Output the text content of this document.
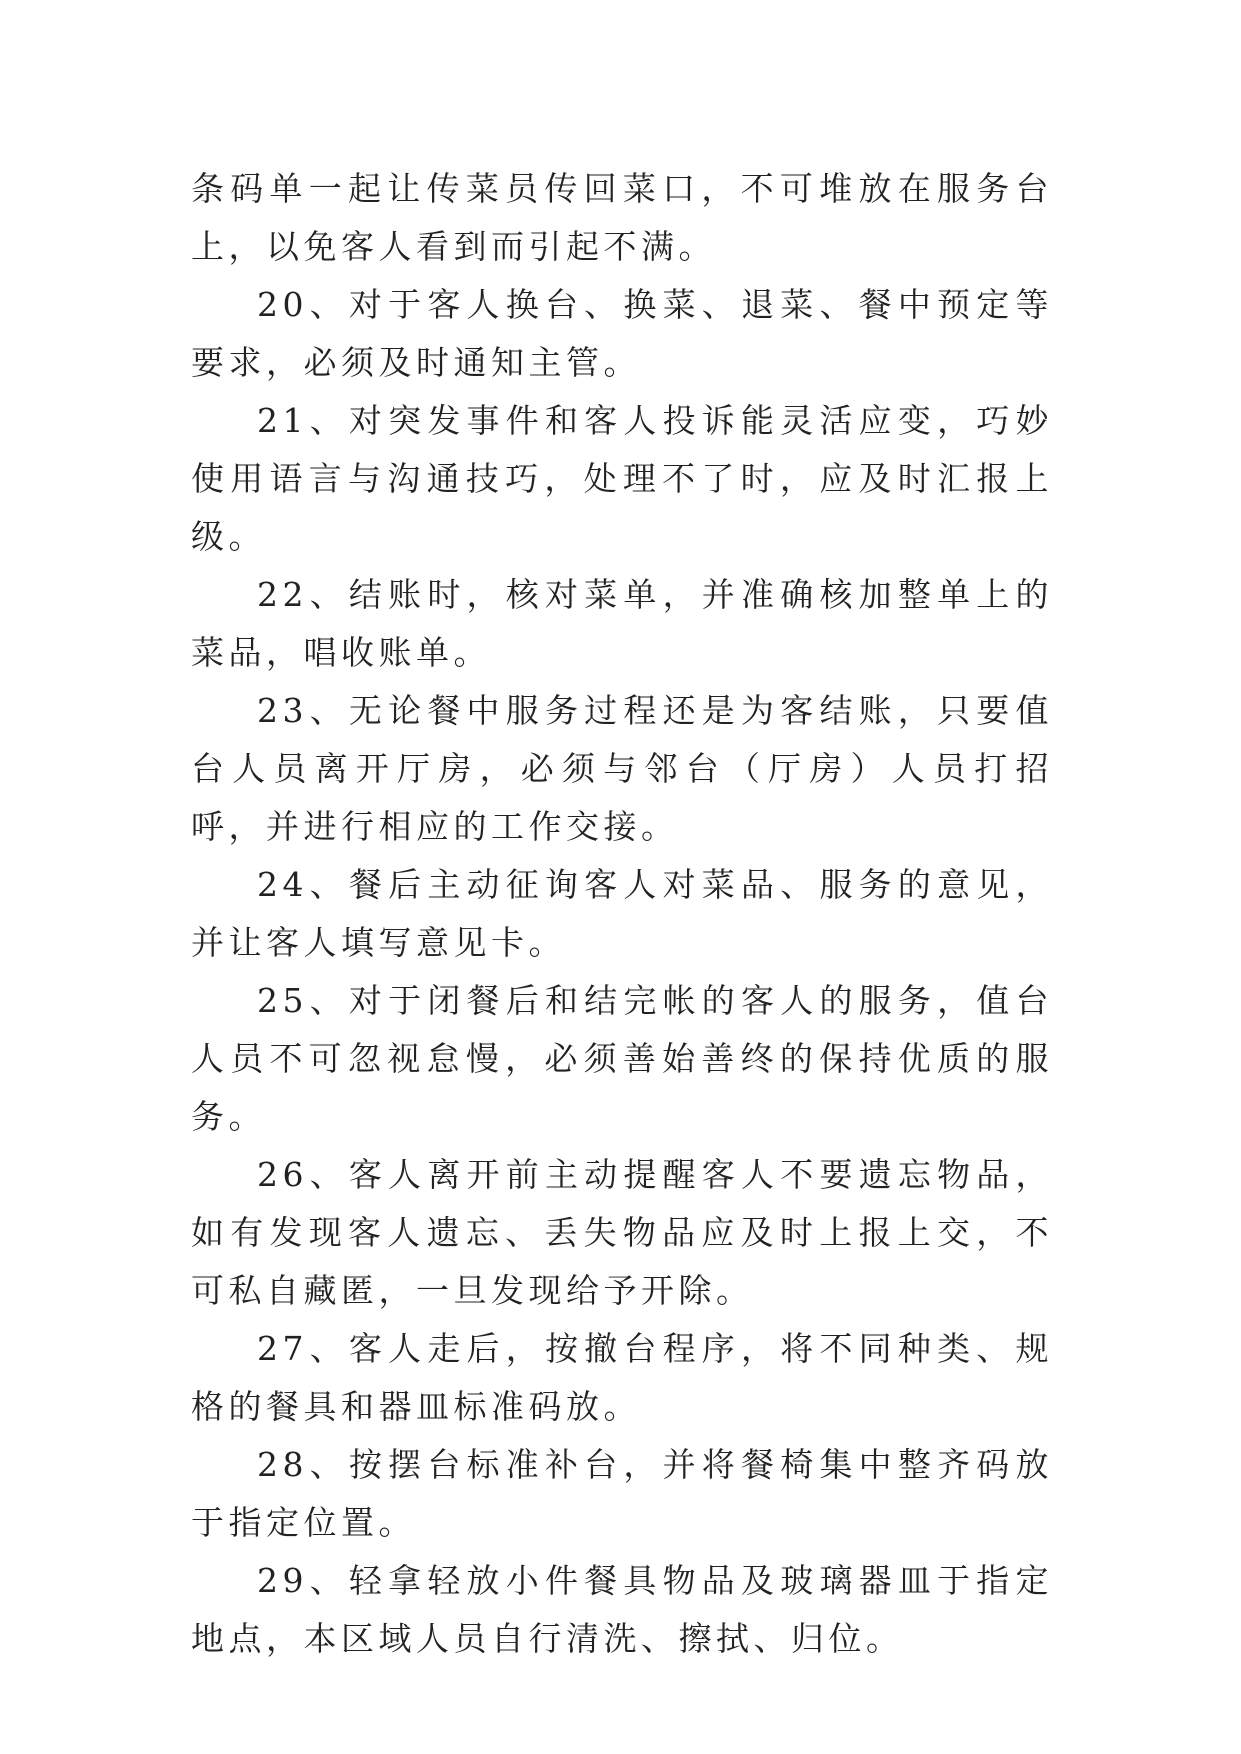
条码单一起让传菜员传回菜口，不可堆放在服务台上，以免客人看到而引起不满。

20、对于客人换台、换菜、退菜、餐中预定等要求，必须及时通知主管。

21、对突发事件和客人投诉能灵活应变，巧妙使用语言与沟通技巧，处理不了时，应及时汇报上级。

22、结账时，核对菜单，并准确核加整单上的菜品，唱收账单。

23、无论餐中服务过程还是为客结账，只要值台人员离开厅房，必须与邻台（厅房）人员打招呼，并进行相应的工作交接。

24、餐后主动征询客人对菜品、服务的意见，并让客人填写意见卡。

25、对于闭餐后和结完帐的客人的服务，值台人员不可忽视怠慢，必须善始善终的保持优质的服务。

26、客人离开前主动提醒客人不要遗忘物品，如有发现客人遗忘、丢失物品应及时上报上交，不可私自藏匿，一旦发现给予开除。

27、客人走后，按撤台程序，将不同种类、规格的餐具和器皿标准码放。

28、按摆台标准补台，并将餐椅集中整齐码放于指定位置。

29、轻拿轻放小件餐具物品及玻璃器皿于指定地点，本区域人员自行清洗、擦拭、归位。
